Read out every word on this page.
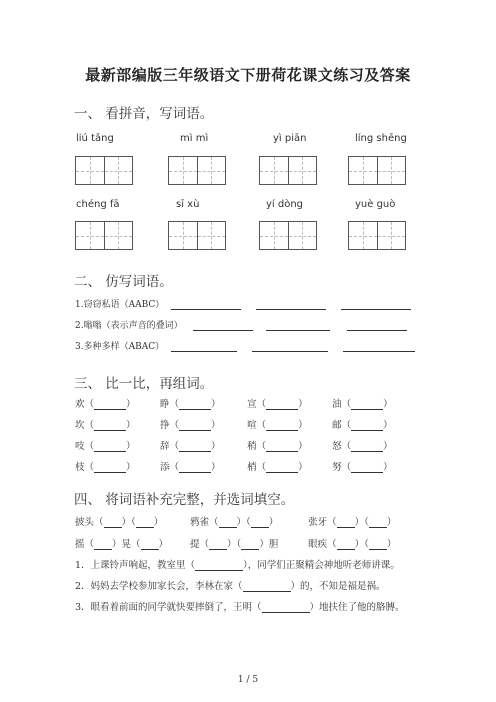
最新部编版三年级语文下册荷花课文练习及答案
一、 看拼音，写词语。
liú tǎng	mì mì	yì piān	líng shēng
chéng fā	sī xù	yí dòng	yuè guò
二、 仿写词语。
1.窃窃私语（AABC）
2.嗡嗡（表示声音的叠词）
3.多种多样（ABAC）
三、 比一比，再组词。
欢（	）	睁（	）	宣（	）	油（	）
坎（	）	挣（	）	喧（	）	邮（	）
吱（	）	辞（	）	稍（	）	怒（	）
枝（	）	添（	）	梢（	）	努（	）
四、 将词语补充完整，并选词填空。
披头（ ）（ ）	鸦雀（ ）（ ）	张牙（ ）（ ）
摇（ ）晃（ ） 提（ ）（ ）胆	眼疾（ ）（ ）
1．上课铃声响起，教室里（	），同学们正聚精会神地听老师讲课。
2．妈妈去学校参加家长会，李林在家（	）的，不知是福是祸。
3．眼看着前面的同学就快要摔倒了，王明（	）地扶住了他的胳膊。
1 / 5
